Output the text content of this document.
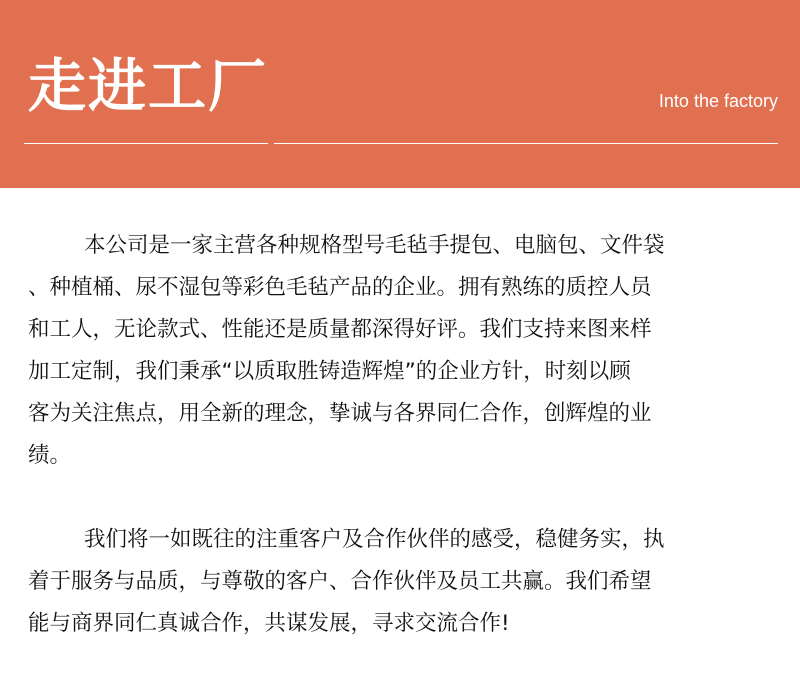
走进工厂	Into the factory

本公司是一家主营各种规格型号毛毡手提包、电脑包、文件袋
、种植桶、尿不湿包等彩色毛毡产品的企业。拥有熟练的质控人员
和工人，无论款式、性能还是质量都深得好评。我们支持来图来样
加工定制，我们秉承“以质取胜铸造辉煌”的企业方针，时刻以顾
客为关注焦点，用全新的理念，挚诚与各界同仁合作，创辉煌的业
绩。

我们将一如既往的注重客户及合作伙伴的感受，稳健务实，执
着于服务与品质，与尊敬的客户、合作伙伴及员工共赢。我们希望
能与商界同仁真诚合作，共谋发展，寻求交流合作!
